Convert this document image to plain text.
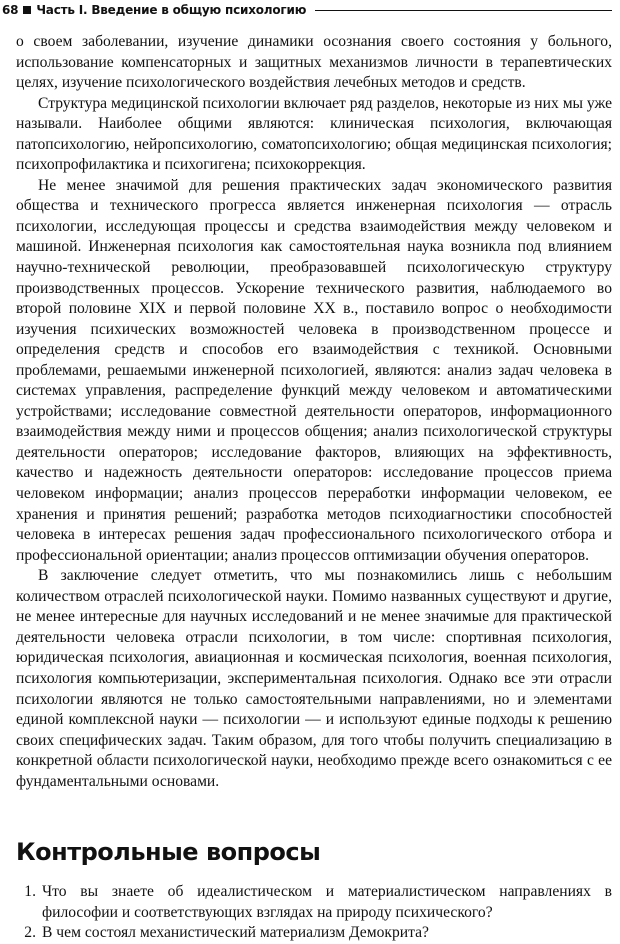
68 Часть I. Введение в общую психологию

о своем заболевании, изучение динамики осознания своего состояния у больного, использование компенсаторных и защитных механизмов личности в терапевтических целях, изучение психологического воздействия лечебных методов и средств.

Структура медицинской психологии включает ряд разделов, некоторые из них мы уже называли. Наиболее общими являются: клиническая психология, включающая патопсихологию, нейропсихологию, соматопсихологию; общая медицинская психология; психопрофилактика и психогигена; психокоррекция.

Не менее значимой для решения практических задач экономического развития общества и технического прогресса является инженерная психология — отрасль психологии, исследующая процессы и средства взаимодействия между человеком и машиной. Инженерная психология как самостоятельная наука возникла под влиянием научно-технической революции, преобразовавшей психологическую структуру производственных процессов. Ускорение технического развития, наблюдаемого во второй половине XIX и первой половине XX в., поставило вопрос о необходимости изучения психических возможностей человека в производственном процессе и определения средств и способов его взаимодействия с техникой. Основными проблемами, решаемыми инженерной психологией, являются: анализ задач человека в системах управления, распределение функций между человеком и автоматическими устройствами; исследование совместной деятельности операторов, информационного взаимодействия между ними и процессов общения; анализ психологической структуры деятельности операторов; исследование факторов, влияющих на эффективность, качество и надежность деятельности операторов: исследование процессов приема человеком информации; анализ процессов переработки информации человеком, ее хранения и принятия решений; разработка методов психодиагностики способностей человека в интересах решения задач профессионального психологического отбора и профессиональной ориентации; анализ процессов оптимизации обучения операторов.

В заключение следует отметить, что мы познакомились лишь с небольшим количеством отраслей психологической науки. Помимо названных существуют и другие, не менее интересные для научных исследований и не менее значимые для практической деятельности человека отрасли психологии, в том числе: спортивная психология, юридическая психология, авиационная и космическая психология, военная психология, психология компьютеризации, экспериментальная психология. Однако все эти отрасли психологии являются не только самостоятельными направлениями, но и элементами единой комплексной науки — психологии — и используют единые подходы к решению своих специфических задач. Таким образом, для того чтобы получить специализацию в конкретной области психологической науки, необходимо прежде всего ознакомиться с ее фундаментальными основами.

Контрольные вопросы
1. Что вы знаете об идеалистическом и материалистическом направлениях в философии и соответствующих взглядах на природу психического?
2. В чем состоял механистический материализм Демокрита?
